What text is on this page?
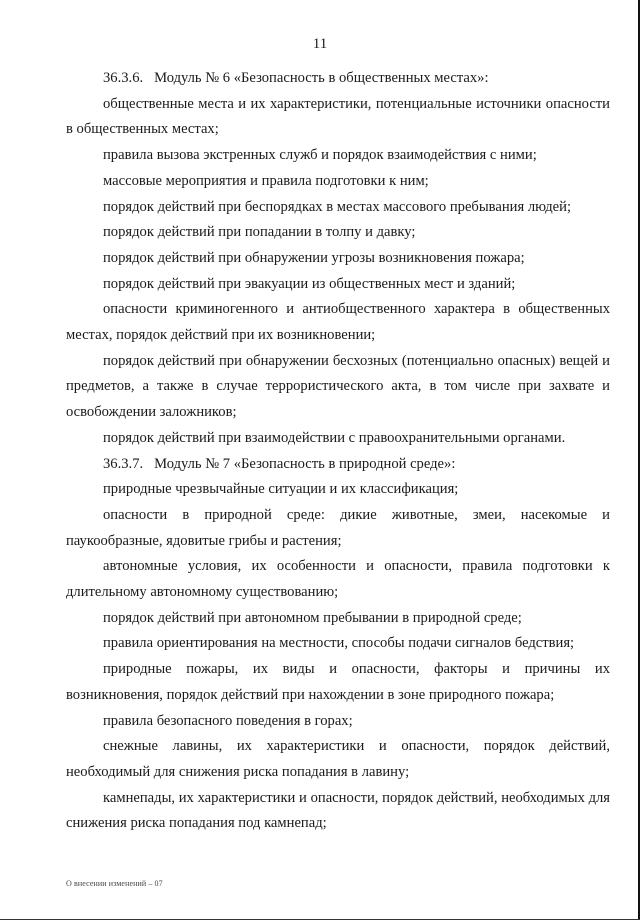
11

36.3.6.   Модуль № 6 «Безопасность в общественных местах»:

общественные места и их характеристики, потенциальные источники опасности в общественных местах;

правила вызова экстренных служб и порядок взаимодействия с ними;

массовые мероприятия и правила подготовки к ним;

порядок действий при беспорядках в местах массового пребывания людей;

порядок действий при попадании в толпу и давку;

порядок действий при обнаружении угрозы возникновения пожара;

порядок действий при эвакуации из общественных мест и зданий;

опасности криминогенного и антиобщественного характера в общественных местах, порядок действий при их возникновении;

порядок действий при обнаружении бесхозных (потенциально опасных) вещей и предметов, а также в случае террористического акта, в том числе при захвате и освобождении заложников;

порядок действий при взаимодействии с правоохранительными органами.

36.3.7.   Модуль № 7 «Безопасность в природной среде»:

природные чрезвычайные ситуации и их классификация;

опасности в природной среде: дикие животные, змеи, насекомые и паукообразные, ядовитые грибы и растения;

автономные условия, их особенности и опасности, правила подготовки к длительному автономному существованию;

порядок действий при автономном пребывании в природной среде;

правила ориентирования на местности, способы подачи сигналов бедствия;

природные пожары, их виды и опасности, факторы и причины их возникновения, порядок действий при нахождении в зоне природного пожара;

правила безопасного поведения в горах;

снежные лавины, их характеристики и опасности, порядок действий, необходимый для снижения риска попадания в лавину;

камнепады, их характеристики и опасности, порядок действий, необходимых для снижения риска попадания под камнепад;

О внесении изменений – 07
